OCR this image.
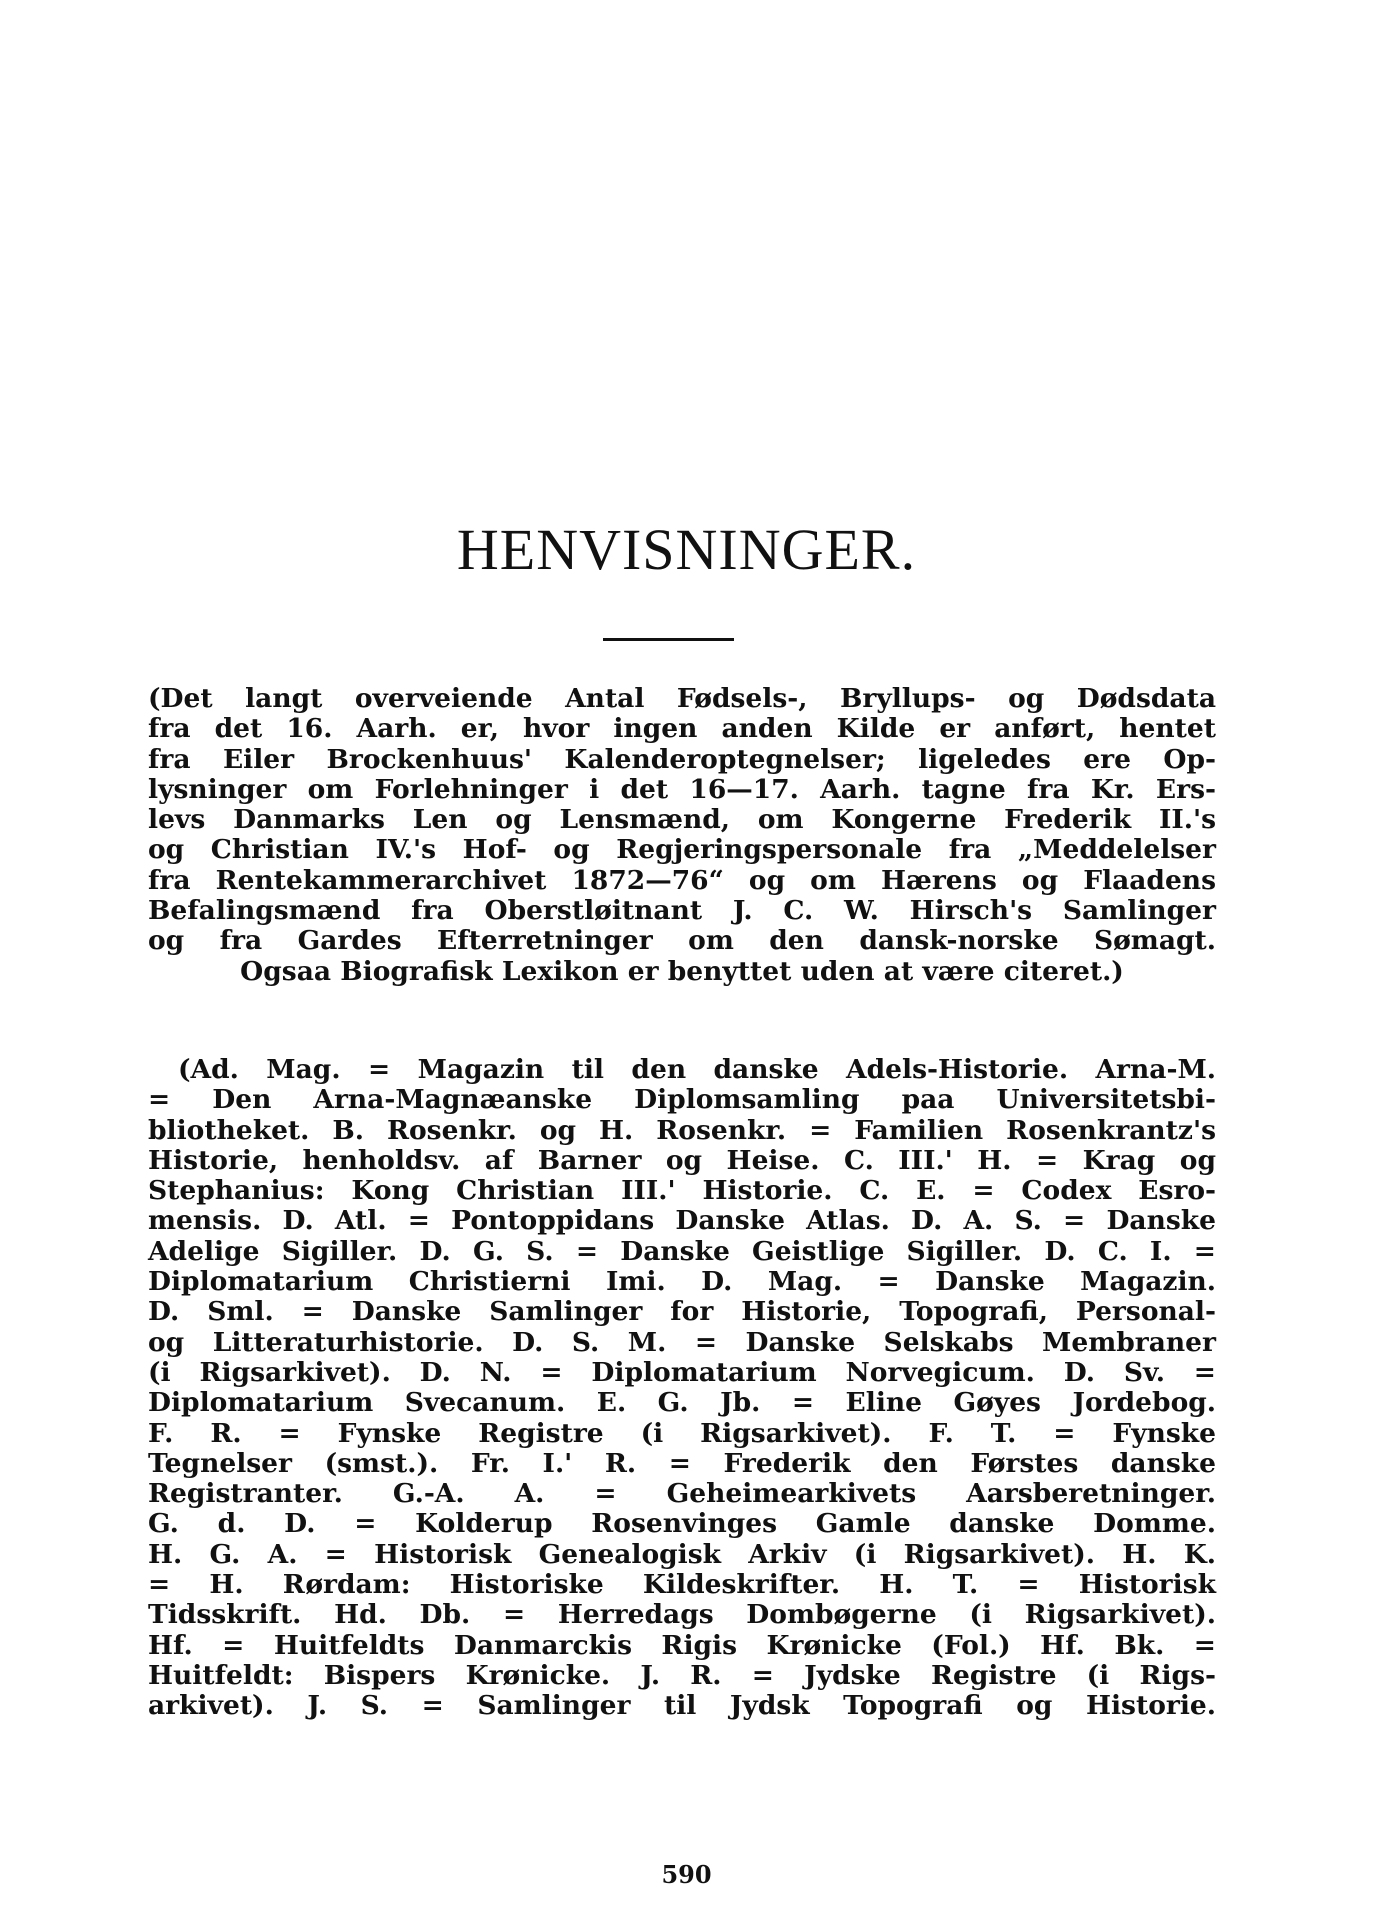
HENVISNINGER.
(Det langt overveiende Antal Fødsels-, Bryllups- og Dødsdata
fra det 16. Aarh. er, hvor ingen anden Kilde er anført, hentet
fra Eiler Brockenhuus' Kalenderoptegnelser; ligeledes ere Op-
lysninger om Forlehninger i det 16—17. Aarh. tagne fra Kr. Ers-
levs Danmarks Len og Lensmænd, om Kongerne Frederik II.'s
og Christian IV.'s Hof- og Regjeringspersonale fra „Meddelelser
fra Rentekammerarchivet 1872—76“ og om Hærens og Flaadens
Befalingsmænd fra Oberstløitnant J. C. W. Hirsch's Samlinger
og fra Gardes Efterretninger om den dansk-norske Sømagt.
Ogsaa Biografisk Lexikon er benyttet uden at være citeret.)
(Ad. Mag. = Magazin til den danske Adels-Historie. Arna-M.
= Den Arna-Magnæanske Diplomsamling paa Universitetsbi-
bliotheket. B. Rosenkr. og H. Rosenkr. = Familien Rosenkrantz's
Historie, henholdsv. af Barner og Heise. C. III.' H. = Krag og
Stephanius: Kong Christian III.' Historie. C. E. = Codex Esro-
mensis. D. Atl. = Pontoppidans Danske Atlas. D. A. S. = Danske
Adelige Sigiller. D. G. S. = Danske Geistlige Sigiller. D. C. I. =
Diplomatarium Christierni Imi. D. Mag. = Danske Magazin.
D. Sml. = Danske Samlinger for Historie, Topografi, Personal-
og Litteraturhistorie. D. S. M. = Danske Selskabs Membraner
(i Rigsarkivet). D. N. = Diplomatarium Norvegicum. D. Sv. =
Diplomatarium Svecanum. E. G. Jb. = Eline Gøyes Jordebog.
F. R. = Fynske Registre (i Rigsarkivet). F. T. = Fynske
Tegnelser (smst.). Fr. I.' R. = Frederik den Førstes danske
Registranter. G.-A. A. = Geheimearkivets Aarsberetninger.
G. d. D. = Kolderup Rosenvinges Gamle danske Domme.
H. G. A. = Historisk Genealogisk Arkiv (i Rigsarkivet). H. K.
= H. Rørdam: Historiske Kildeskrifter. H. T. = Historisk
Tidsskrift. Hd. Db. = Herredags Dombøgerne (i Rigsarkivet).
Hf. = Huitfeldts Danmarckis Rigis Krønicke (Fol.) Hf. Bk. =
Huitfeldt: Bispers Krønicke. J. R. = Jydske Registre (i Rigs-
arkivet). J. S. = Samlinger til Jydsk Topografi og Historie.
590
